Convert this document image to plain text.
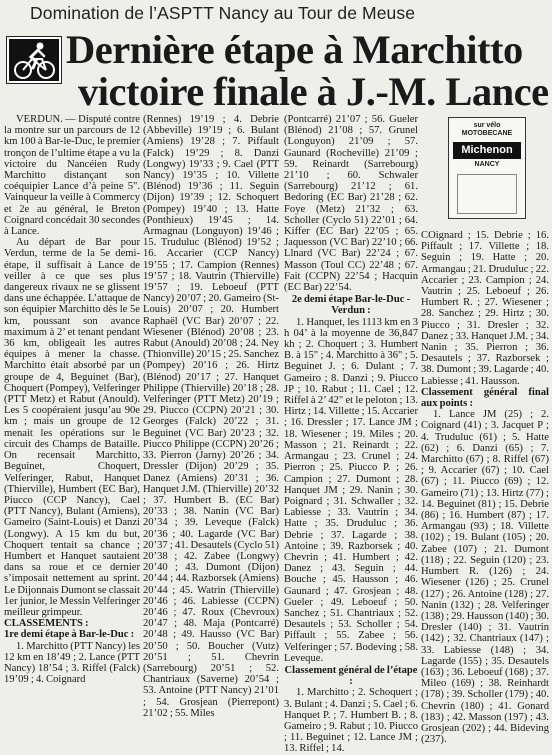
Domination de l’ASPTT Nancy au Tour de Meuse
Dernière étape à Marchitto
victoire finale à J.-M. Lance

VERDUN. — Disputé contre la montre sur un parcours de 12 km 100 à Bar-le-Duc, le premier tronçon de l’ultime étape a vu la victoire du Nancéien Rudy Marchitto distançant son coéquipier Lance d’à peine 5". Vainqueur la veille à Commercy et 2e au général, le Breton Coignard concédait 30 secondes à Lance.

Au départ de Bar pour Verdun, terme de la 5e demi-étape, il suffisait à Lance de veiller à ce que ses plus dangereux rivaux ne se glissent dans une échappée. L’attaque de son équipier Marchitto dès le 5e km, poussant son avance maximum à 2’ et tenant pendant 36 km, obligeait les autres équipes à mener la chasse. Marchitto était absorbé par un groupe de 4, Beguinet (Bar), Choquert (Pompey), Velferinger (PTT Metz) et Rabut (Anould). Les 5 coopéraient jusqu’au 90e km ; mais un groupe de 12 menait les opérations sur le circuit des Champs de Bataille. On recensait Marchitto, Beguinet, Choquert, Velferinger, Rabut, Hanquet (Thierville), Humbert (EC Bar), Piucco (CCP Nancy), Cael (PTT Nancy), Bulant (Amiens), Gameiro (Saint-Louis) et Danzi (Longwy). A 15 km du but, Choquert tentait sa chance ; Humbert et Hanquet sautaient dans sa roue et ce dernier s’imposait nettement au sprint. Le Dijonnais Dumont se classait 1er junior, le Messin Velferinger meilleur grimpeur.

CLASSEMENTS :

1re demi étape à Bar-le-Duc :

1. Marchitto (PTT Nancy) les 12 km en 18’49 ; 2. Lance (PTT Nancy) 18’54 ; 3. Riffel (Falck) 19’09 ; 4. Coignard

(Rennes) 19’19 ; 4. Debrie (Abbeville) 19’19 ; 6. Bulant (Amiens) 19’28 ; 7. Piffault (Falck) 19’29 ; 8. Danzi (Longwy) 19’33 ; 9. Cael (PTT Nancy) 19’35 ; 10. Villette (Blénod) 19’36 ; 11. Seguin (Dijon) 19’39 ; 12. Schoquert (Pompey) 19’40 ; 13. Hatte (Ponthieux) 19’45 ; 14. Armagnau (Longuyon) 19’46 ; 15. Truduluc (Blénod) 19’52 ; 16. Accarier (CCP Nancy) 19’55 ; 17. Campion (Rennes) 19’57 ; 18. Vautrin (Thierville) 19’57 ; 19. Leboeuf (PTT Nancy) 20’07 ; 20. Gameiro (St-Louis) 20’07 ; 20. Humbert Raphaël (VC Bar) 20’07 ; 22. Wiesener (Blénod) 20’08 ; 23. Rabut (Anould) 20’08 ; 24. Ney (Thionville) 20’15 ; 25. Sanchez (Pompey) 20’16 ; 26. Hirtz (Blénod) 20’17 ; 27. Hanquet Philippe (Thierville) 20’18 ; 28. Velferinger (PTT Metz) 20’19 ; 29. Piucco (CCPN) 20’21 ; 30. Georges (Falck) 20’22 ; 31. Beguinet (VC Bar) 20’23 ; 32. Piucco Philippe (CCPN) 20’26 ; 33. Pierron (Jarny) 20’26 ; 34. Dressler (Dijon) 20’29 ; 35. Danez (Amiens) 20’31 ; 36. Hanquet J.M. (Thierville) 20’32 ; 37. Humbert B. (EC Bar) 20’33 ; 38. Nanin (VC Bar) 20’34 ; 39. Leveque (Falck) 20’36 ; 40. Lagarde (VC Bar) 20’37 ; 41. Desautels (Cyclo 51) 20’38 ; 42. Zabee (Longwy) 20’40 ; 43. Dumont (Dijon) 20’44 ; 44. Razborsek (Amiens) 20’44 ; 45. Watrin (Thierville) 20’46 ; 46. Labiesse (CCPN) 20’46 ; 47. Roux (Chevroux) 20’47 ; 48. Maja (Pontcarré) 20’48 ; 49. Hausso (VC Bar) 20’50 ; 50. Boucher (Vutz) 20’51 ; 51. Chevrin (Sarrebourg) 20’51 ; 52. Chantriaux (Saverne) 20’54 ; 53. Antoine (PTT Nancy) 21’01 ; 54. Grosjean (Pierrepont) 21’02 ; 55. Miles

(Pontcarré) 21’07 ; 56. Gueler (Blénod) 21’08 ; 57. Grunel (Longuyon) 21’09 ; 57. Gaunard (Rocheville) 21’09 ; 59. Reinardt (Sarrebourg) 21’10 ; 60. Schwaler (Sarrebourg) 21’12 ; 61. Bedoring (EC Bar) 21’28 ; 62. Foye (Metz) 21’32 ; 63. Scholler (Cyclo 51) 22’01 ; 64. Kiffer (EC Bar) 22’05 ; 65. Jaquesson (VC Bar) 22’10 ; 66. Llnard (VC Bar) 22’24 ; 67. Masson (Toul CC) 22’48 ; 67. Fait (CCPN) 22’54 ; Hacquin (EC Bar) 22’54.

2e demi étape Bar-le-Duc - Verdun :

1. Hanquet, les 1113 km en 3 h 04’ à la moyenne de 36,847 kh ; 2. Choquert ; 3. Humbert B. à 15" ; 4. Marchitto à 36" ; 5. Beguinet J. ; 6. Dulant ; 7. Gameiro ; 8. Danzi ; 9. Piucco JP ; 10. Rabut ; 11. Cael ; 12. Riffel à 2’ 42" et le peloton ; 13. Hirtz ; 14. Villette ; 15. Accarier ; 16. Dressler ; 17. Lance JM ; 18. Wiesener ; 19. Miles ; 20. Masson ; 21. Reinardt ; 22. Armangau ; 23. Crunel ; 24. Pierron ; 25. Piucco P. ; 26. Campion ; 27. Dumont ; 28. Hanquet JM ; 29. Nanin ; 30. Poignard ; 31. Schwaller ; 32. Labiesse ; 33. Vautrin ; 34. Hatte ; 35. Druduluc ; 36. Debrie ; 37. Lagarde ; 38. Antoine ; 39. Razborsek ; 40. Chevrin ; 41. Humbert ; 42. Danez ; 43. Seguin ; 44. Bouche ; 45. Hausson ; 46. Gaunard ; 47. Grosjean ; 48. Gueler ; 49. Leboeuf ; 50. Sanchez ; 51. Chantriaux ; 52. Desautels ; 53. Scholler ; 54. Piffault ; 55. Zabee ; 56. Velferinger ; 57. Bodeving ; 58. Leveque.

Classement général de l’étape :

1. Marchitto ; 2. Schoquert ; 3. Bulant ; 4. Danzi ; 5. Cael ; 6. Hanquet P. ; 7. Humbert B. ; 8. Gameiro ; 9. Rabut ; 10. Piucco ; 11. Beguinet ; 12. Lance JM ; 13. Riffel ; 14.

sur vélo
MOTOBECANE
Michenon
NANCY

COignard ; 15. Debrie ; 16. Piffault ; 17. Villette ; 18. Seguin ; 19. Hatte ; 20. Armangau ; 21. Druduluc ; 22. Accarier ; 23. Campion ; 24. Vautrin ; 25. Leboeuf ; 26. Humbert R. ; 27. Wiesener ; 28. Sanchez ; 29. Hirtz ; 30. Piucco ; 31. Dresler ; 32. Danez ; 33. Hanquet J.M. ; 34. Nanin ; 35. Pierron ; 36. Desautels ; 37. Razborsek ; 38. Dumont ; 39. Lagarde ; 40. Labiesse ; 41. Hausson.

Classement général final aux points :

1. Lance JM (25) ; 2. Coignard (41) ; 3. Jacquet P ; 4. Truduluc (61) ; 5. Hatte (62) ; 6. Danzi (65) ; 7. Marchitto (67) ; 8. Riffel (67) ; 9. Accarier (67) ; 10. Cael (67) ; 11. Piucco (69) ; 12. Gameiro (71) ; 13. Hirtz (77) ; 14. Beguinet (81) ; 15. Debrie (86) ; 16. Humbert (87) ; 17. Armangau (93) ; 18. Villette (102) ; 19. Bulant (105) ; 20. Zabee (107) ; 21. Dumont (118) ; 22. Seguin (120) ; 23. Humbert R. (126) ; 24. Wiesener (126) ; 25. Crunel (127) ; 26. Antoine (128) ; 27. Nanin (132) ; 28. Velferinger (138) ; 29. Hausson (140) ; 30. Dresler (140) ; 31. Vautrin (142) ; 32. Chantriaux (147) ; 33. Labiesse (148) ; 34. Lagarde (155) ; 35. Desautels (163) ; 36. Leboeuf (168) ; 37. Mileo (169) ; 38. Reinhardt (178) ; 39. Scholler (179) ; 40. Chevrin (180) ; 41. Gonard (183) ; 42. Masson (197) ; 43. Grosjean (202) ; 44. Bideving (237).
